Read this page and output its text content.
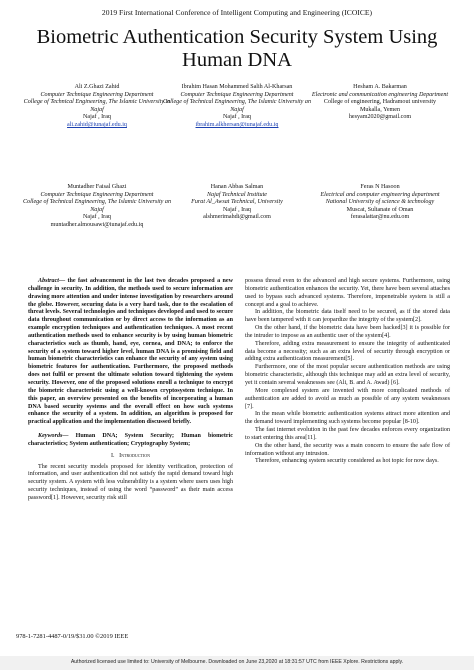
2019 First International Conference of Intelligent Computing and Engineering (ICOICE)
Biometric Authentication Security System Using
Human DNA
Ali Z.Ghazi Zahid
Computer Technique Engineering Department
College of Technical Engineering, The Islamic University in Najaf
Najaf , Iraq
ali.zahid@iunajaf.edu.iq
Ibrahim Hasan Mohammed Salih Al-Kharsan
Computer Technique Engineering Department
College of Technical Engineering, The Islamic University an Najaf
Najaf , Iraq
ibrahim.alkhersan@iunajaf.edu.iq
Hesham A. Bakarman
Electronic and communication engineering Department
College of engineering, Hadramout university
Mukalla, Yemen
hesyam2020@gmail.com
Muntadher Faisal Ghazi
Computer Technique Engineering Department
College of Technical Engineering, The Islamic University an Najaf
Najaf , Iraq
muntadher.almousawi@iunajaf.edu.iq
Hanan Abbas Salman
Najaf Technical Institute
Furat Al_Awsat Technical, University
Najaf , Iraq
alshmerimahdi@gmail.com
Feras N Hasoon
Electrical and computer engineering department
National University of science & technology
Muscat, Sultanate of Oman
ferasalattar@nu.edu.om

Abstract— the fast advancement in the last two decades proposed a new challenge in security. In addition, the methods used to secure information are drawing more attention and under intense investigation by researchers around the globe. However, securing data is a very hard task, due to the escalation of threat levels. Several technologies and techniques developed and used to secure data throughout communication or by direct access to the information as an example encryption techniques and authentication techniques. A most recent authentication methods used to enhance security is by using human biometric characteristics such as thumb, hand, eye, cornea, and DNA; to enforce the security of a system toward higher level, human DNA is a promising field and human biometric characteristics can enhance the security of any system using biometric features for authentication. Furthermore, the proposed methods does not fulfil or present the ultimate solution toward tightening the system security. However, one of the proposed solutions enroll a technique to encrypt the biometric characteristic using a well-known cryptosystem technique. In this paper, an overview presented on the benefits of incorporating a human DNA based security systems and the overall effect on how such systems enhance the security of a system. In addition, an algorithm is proposed for practical application and the implementation discussed briefly.

Keywords— Human DNA; System Security; Human biometric characteristics; System authentication; Cryptography System;

I. Introduction

The recent security models proposed for identity verification, protection of information, and user authentication did not satisfy the rapid demand toward high security system. A system with less vulnerability is a system where users uses high security techniques, instead of using the word “password” as their main access password[1]. However, security risk still

possess thread even to the advanced and high secure systems. Furthermore, using biometric authentication enhances the security. Yet, there have been several attaches used to bypass such advanced systems. Therefore, impenetrable system is still a concept and a goal to achieve.

In addition, the biometric data itself need to be secured, as if the stored data have been tampered with it can jeopardize the integrity of the system[2].

On the other hand, if the biometric data have been hacked[3] it is possible for the intruder to impose as an authentic user of the system[4].

Therefore, adding extra measurement to ensure the integrity of authenticated data become a necessity; such as an extra level of security through encryption or adding extra authentication measurement[5].

Furthermore, one of the most popular secure authentication methods are using biometric characteristic, although this technique may add an extra level of security, yet it contain several weaknesses see (Ali, B. and A. Awad) [6].

More complexed system are invented with more complicated methods of authentication are added to avoid as much as possible of any system weaknesses [7].

In the mean while biometric authentication systems attract more attention and the demand toward implementing such systems become popular [8-10].

The fast internet evolution in the past few decades enforces every organization to start entering this area[11].

On the other hand, the security was a main concern to ensure the safe flow of information without any intrusion.

Therefore, enhancing system security considered as hot topic for now days.

978-1-7281-4487-0/19/$31.00 ©2019 IEEE
Authorized licensed use limited to: University of Melbourne. Downloaded on June 23,2020 at 18:31:57 UTC from IEEE Xplore. Restrictions apply.
